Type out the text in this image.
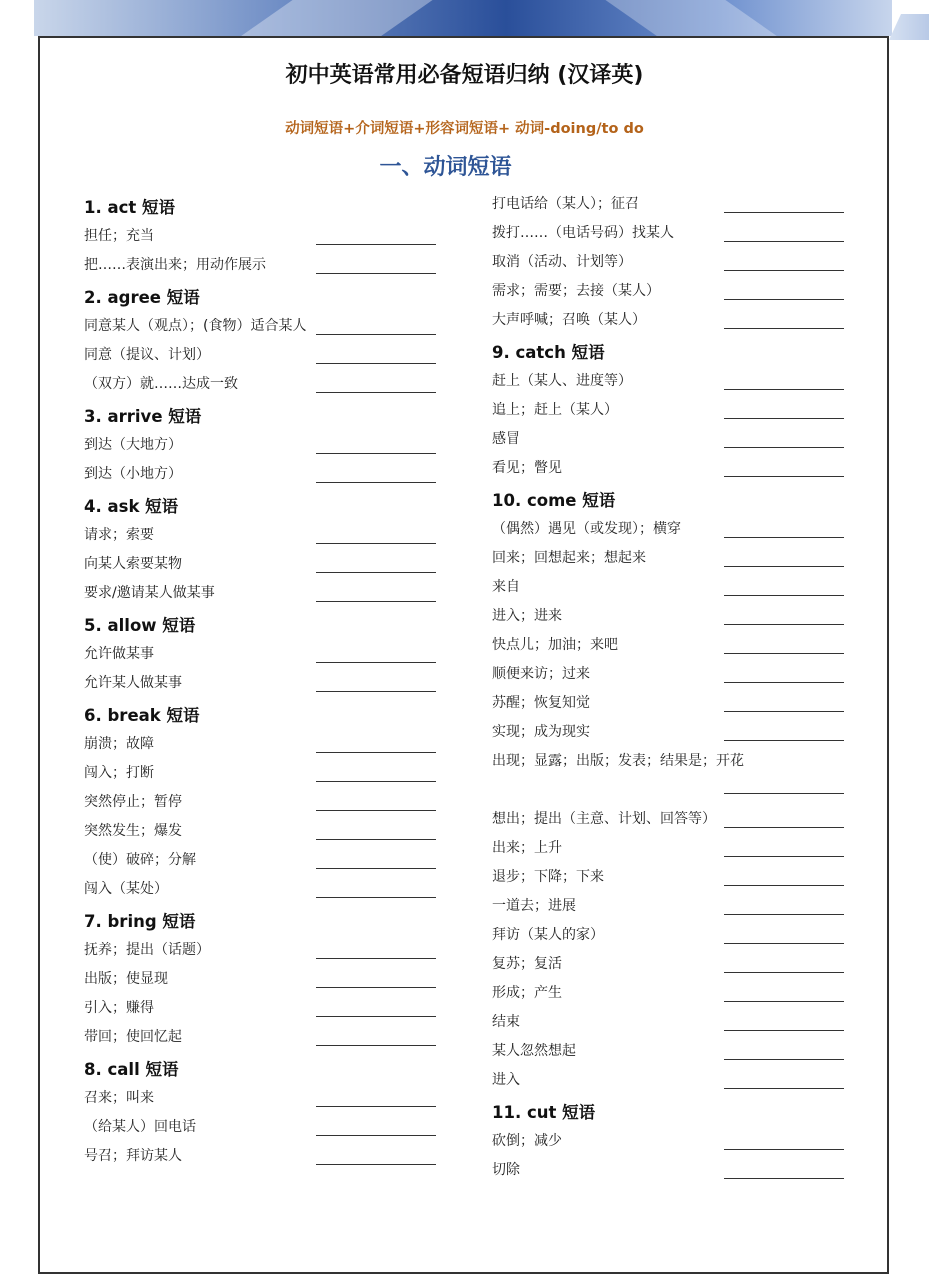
初中英语常用必备短语归纳 (汉译英)
动词短语+介词短语+形容词短语+ 动词-doing/to do
一、动词短语
1. act 短语
担任；充当
把……表演出来；用动作展示
2. agree 短语
同意某人（观点）；(食物）适合某人
同意（提议、计划）
（双方）就……达成一致
3. arrive 短语
到达（大地方）
到达（小地方）
4. ask 短语
请求；索要
向某人索要某物
要求/邀请某人做某事
5. allow 短语
允许做某事
允许某人做某事
6. break 短语
崩溃；故障
闯入；打断
突然停止；暂停
突然发生；爆发
（使）破碎；分解
闯入（某处）
7. bring 短语
抚养；提出（话题）
出版；使显现
引入；赚得
带回；使回忆起
8. call 短语
召来；叫来
（给某人）回电话
号召；拜访某人
打电话给（某人）；征召
拨打……（电话号码）找某人
取消（活动、计划等）
需求；需要；去接（某人）
大声呼喊；召唤（某人）
9. catch 短语
赶上（某人、进度等）
追上；赶上（某人）
感冒
看见；瞥见
10. come 短语
（偶然）遇见（或发现）；横穿
回来；回想起来；想起来
来自
进入；进来
快点儿；加油；来吧
顺便来访；过来
苏醒；恢复知觉
实现；成为现实
出现；显露；出版；发表；结果是；开花
想出；提出（主意、计划、回答等）
出来；上升
退步；下降；下来
一道去；进展
拜访（某人的家）
复苏；复活
形成；产生
结束
某人忽然想起
进入
11. cut 短语
砍倒；减少
切除
